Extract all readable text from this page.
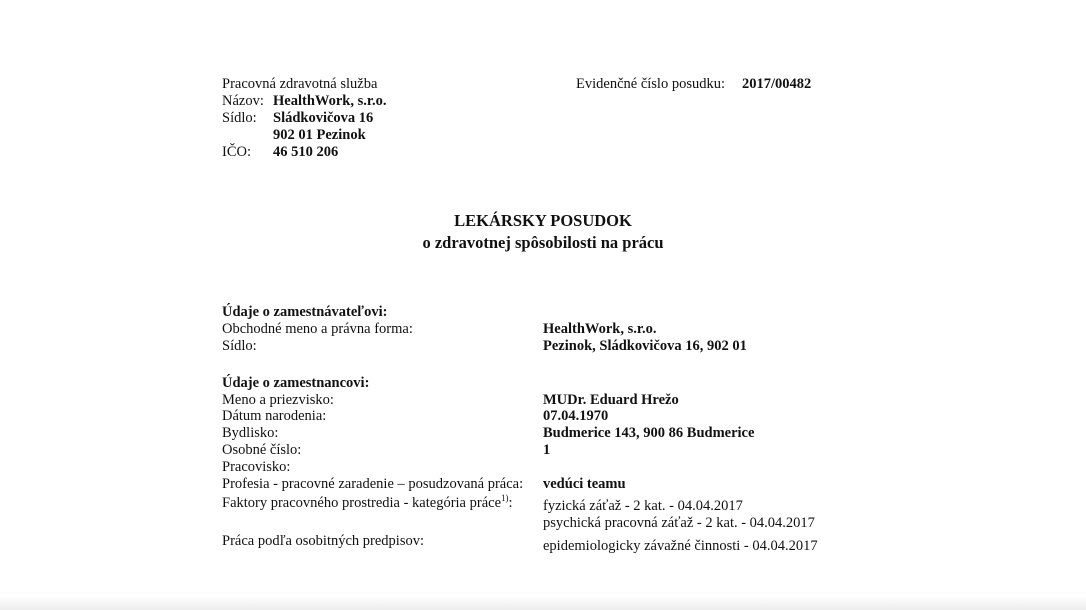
Pracovná zdravotná služba
Názov: HealthWork, s.r.o.
Sídlo: Sládkovičova 16
902 01 Pezinok
IČO: 46 510 206
Evidenčné číslo posudku: 2017/00482
LEKÁRSKY POSUDOK
o zdravotnej spôsobilosti na prácu
Údaje o zamestnávateľovi:
Obchodné meno a právna forma:	HealthWork, s.r.o.
Sídlo:	Pezinok, Sládkovičova 16, 902 01
Údaje o zamestnancovi:
Meno a priezvisko:	MUDr. Eduard Hrežo
Dátum narodenia:	07.04.1970
Bydlisko:	Budmerice 143, 900 86 Budmerice
Osobné číslo:	1
Pracovisko:
Profesia - pracovné zaradenie – posudzovaná práca: vedúci teamu
Faktory pracovného prostredia - kategória práce$^{1)}$: fyzická záťaž - 2 kat. - 04.04.2017
psychická pracovná záťaž - 2 kat. - 04.04.2017
Práca podľa osobitných predpisov:	epidemiologicky závažné činnosti - 04.04.2017
